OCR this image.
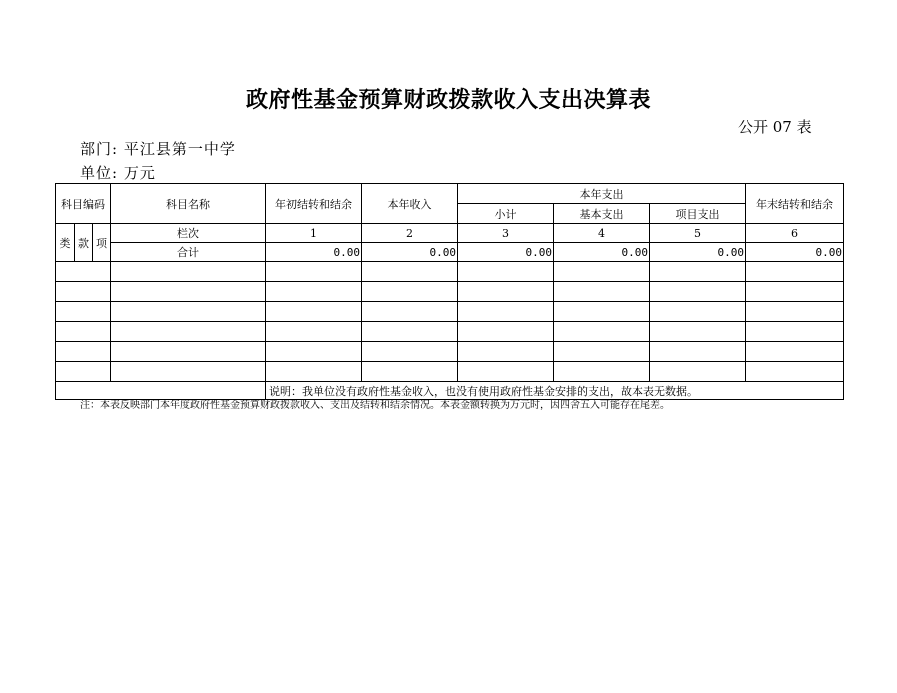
政府性基金预算财政拨款收入支出决算表
公开 07 表
部门: 平江县第一中学
单位: 万元
科目编码			科目名称	年初结转和结余	本年收入	本年支出			年末结转和结余
						小计	基本支出	项目支出	
类	款	项	栏次	1	2	3	4	5	6
			合计	0.00	0.00	0.00	0.00	0.00	0.00

				说明：我单位没有政府性基金收入，也没有使用政府性基金安排的支出，故本表无数据。					
注：本表反映部门本年度政府性基金预算财政拨款收入、支出及结转和结余情况。本表金额转换为万元时，因四舍五入可能存在尾差。
